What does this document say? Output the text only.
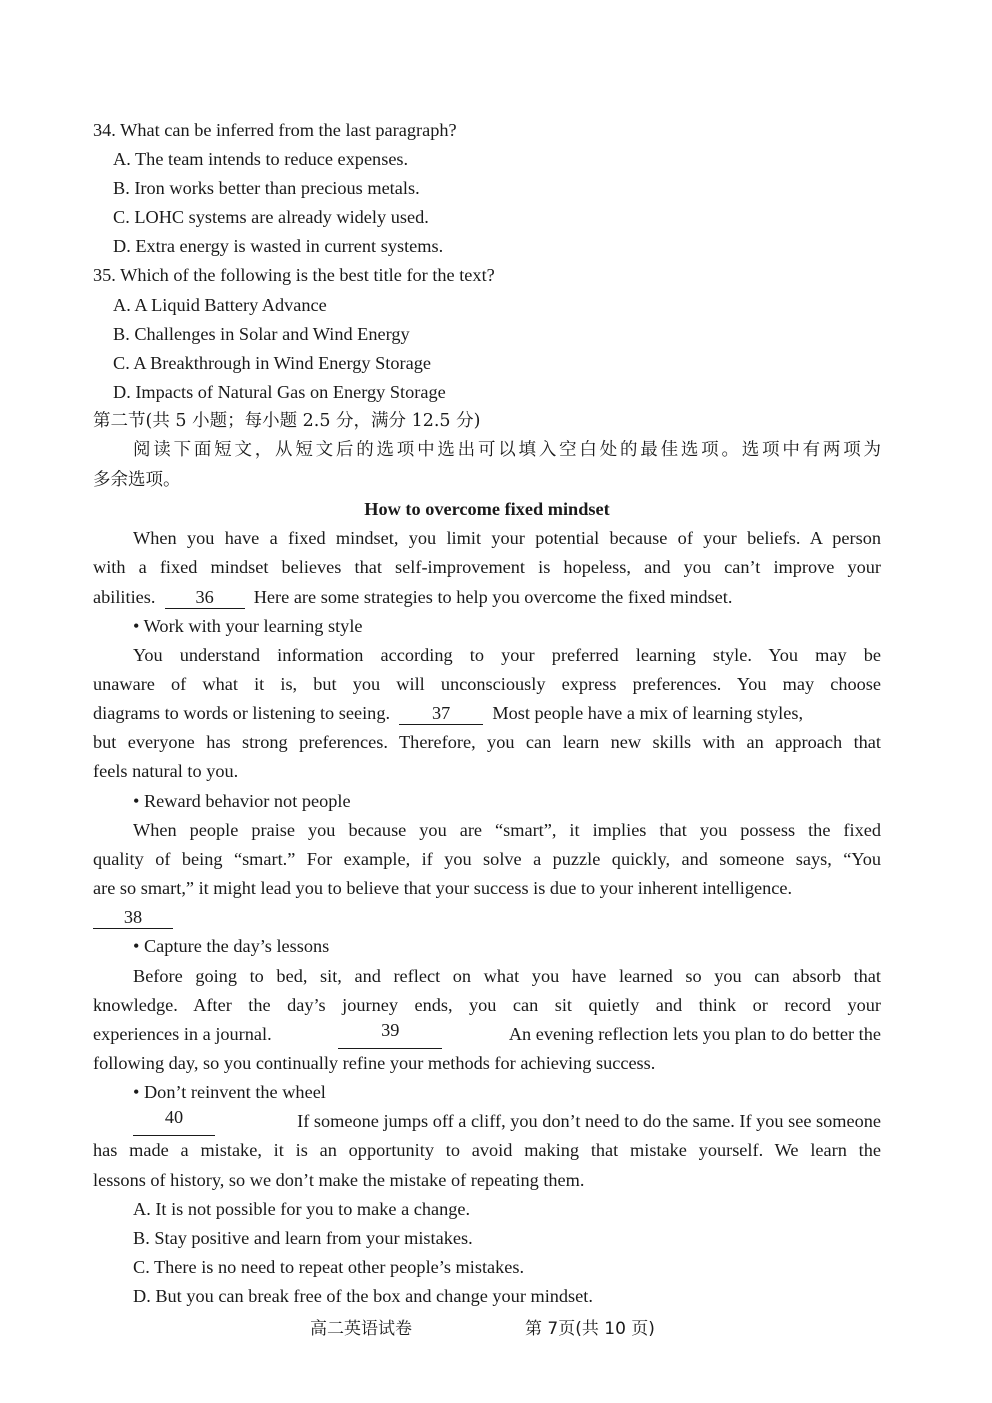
34. What can be inferred from the last paragraph?
A. The team intends to reduce expenses.
B. Iron works better than precious metals.
C. LOHC systems are already widely used.
D. Extra energy is wasted in current systems.
35. Which of the following is the best title for the text?
A. A Liquid Battery Advance
B. Challenges in Solar and Wind Energy
C. A Breakthrough in Wind Energy Storage
D. Impacts of Natural Gas on Energy Storage
第二节(共 5 小题；每小题 2.5 分，满分 12.5 分)
阅读下面短文，从短文后的选项中选出可以填入空白处的最佳选项。选项中有两项为
多余选项。
How to overcome fixed mindset
When you have a fixed mindset, you limit your potential because of your beliefs. A person
with a fixed mindset believes that self-improvement is hopeless, and you can’t improve your
abilities. 36 Here are some strategies to help you overcome the fixed mindset.
• Work with your learning style
You understand information according to your preferred learning style. You may be
unaware of what it is, but you will unconsciously express preferences. You may choose
diagrams to words or listening to seeing. 37 Most people have a mix of learning styles,
but everyone has strong preferences. Therefore, you can learn new skills with an approach that
feels natural to you.
• Reward behavior not people
When people praise you because you are “smart”, it implies that you possess the fixed
quality of being “smart.” For example, if you solve a puzzle quickly, and someone says, “You
are so smart,” it might lead you to believe that your success is due to your inherent intelligence.
38
• Capture the day’s lessons
Before going to bed, sit, and reflect on what you have learned so you can absorb that
knowledge. After the day’s journey ends, you can sit quietly and think or record your
experiences in a journal.	39	An evening reflection lets you plan to do better the
following day, so you continually refine your methods for achieving success.
• Don’t reinvent the wheel
40	If someone jumps off a cliff, you don’t need to do the same. If you see someone
has made a mistake, it is an opportunity to avoid making that mistake yourself. We learn the
lessons of history, so we don’t make the mistake of repeating them.
A. It is not possible for you to make a change.
B. Stay positive and learn from your mistakes.
C. There is no need to repeat other people’s mistakes.
D. But you can break free of the box and change your mindset.
高二英语试卷	第 7页(共 10 页)
